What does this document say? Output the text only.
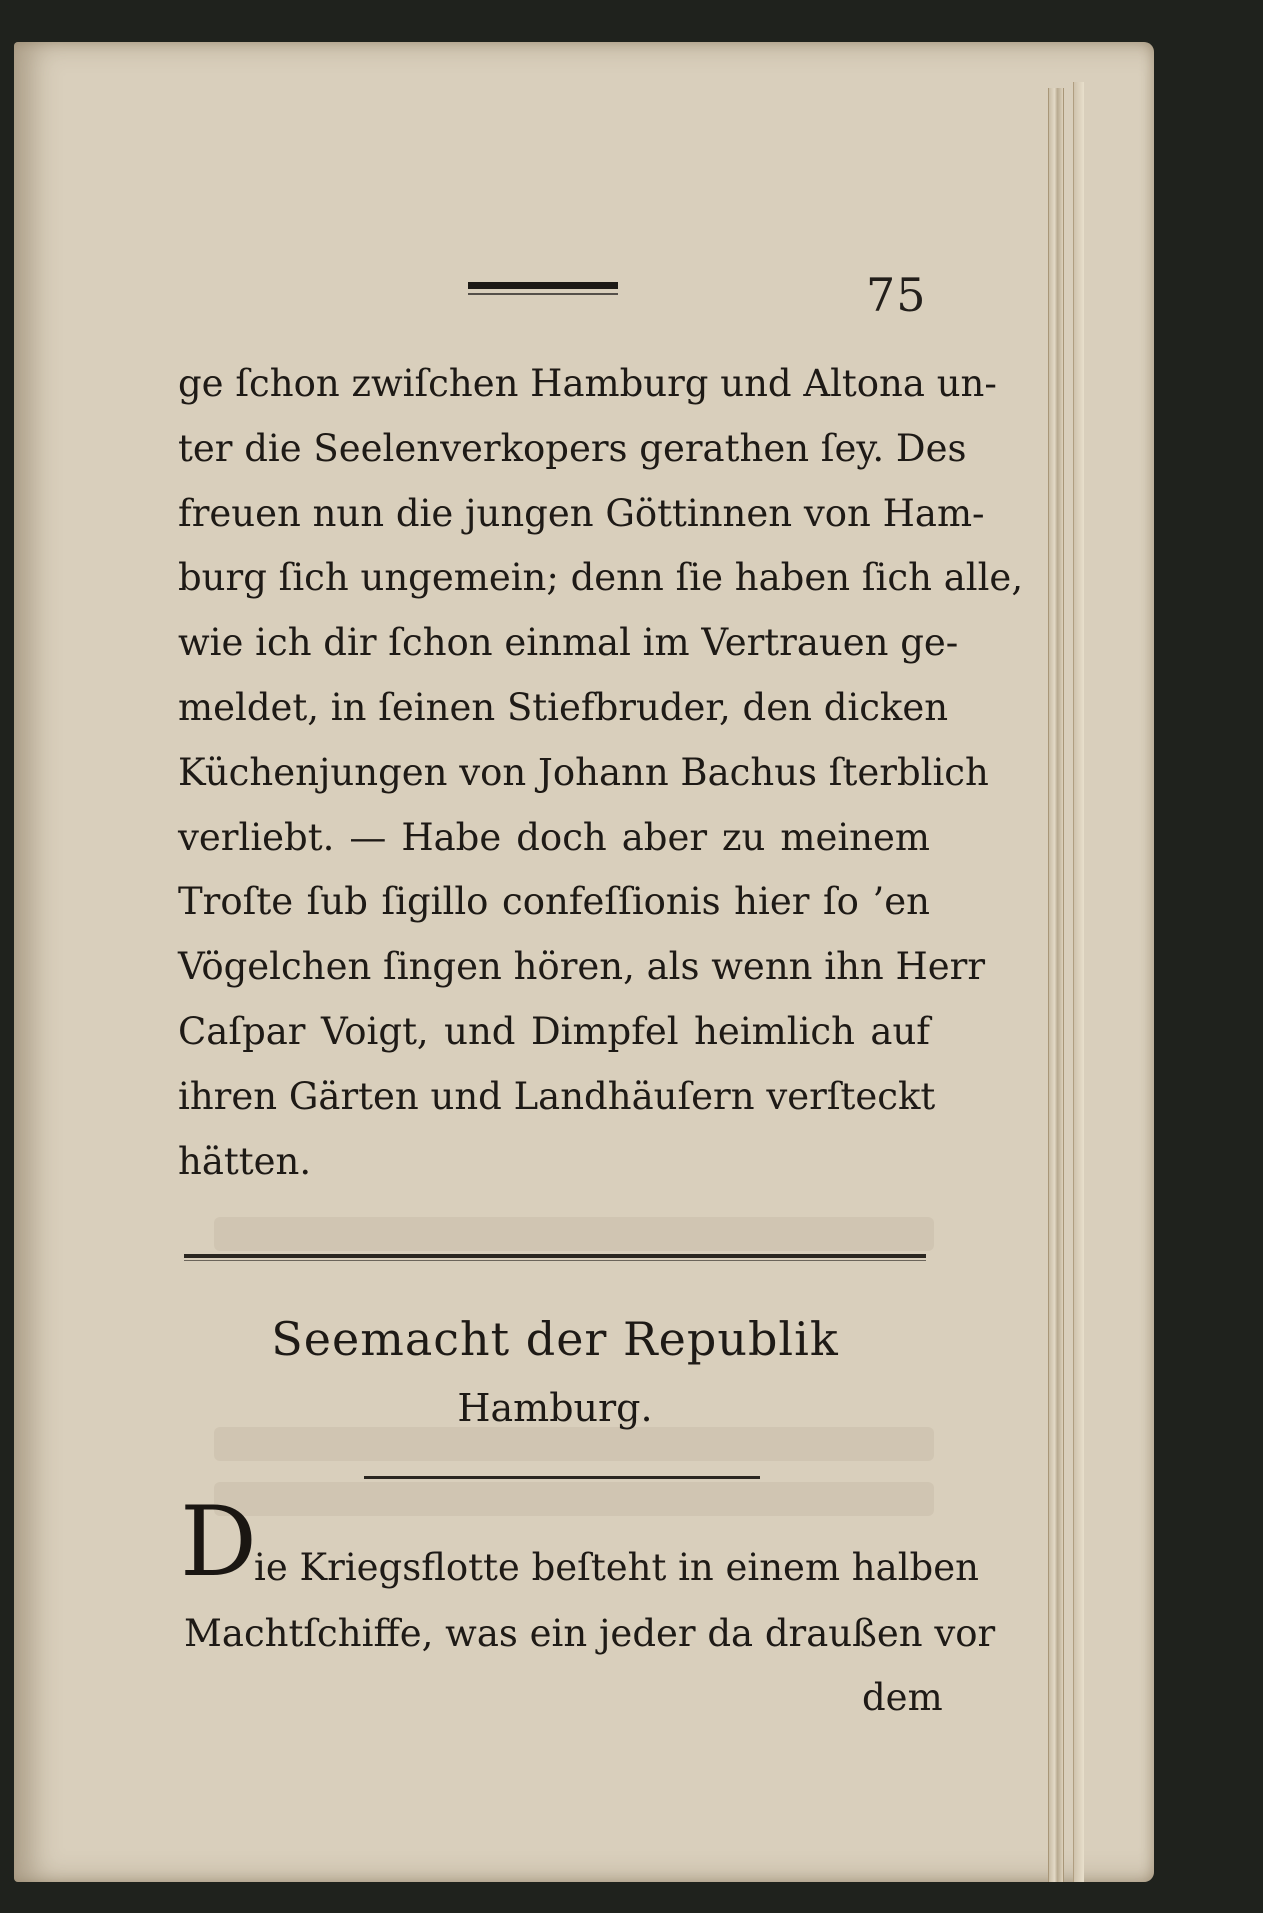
75
ge ſchon zwiſchen Hamburg und Altona un-
ter die Seelenverkopers gerathen ſey. Des
freuen nun die jungen Göttinnen von Ham-
burg ſich ungemein; denn ſie haben ſich alle,
wie ich dir ſchon einmal im Vertrauen ge-
meldet, in ſeinen Stiefbruder, den dicken
Küchenjungen von Johann Bachus ſterblich
verliebt. — Habe doch aber zu meinem
Troſte ſub ſigillo confeſſionis hier ſo ’en
Vögelchen ſingen hören, als wenn ihn Herr
Caſpar Voigt, und Dimpfel heimlich auf
ihren Gärten und Landhäuſern verſteckt
hätten.
Seemacht der Republik
Hamburg.
D
ie Kriegsflotte beſteht in einem halben
Machtſchiffe, was ein jeder da draußen vor
dem
